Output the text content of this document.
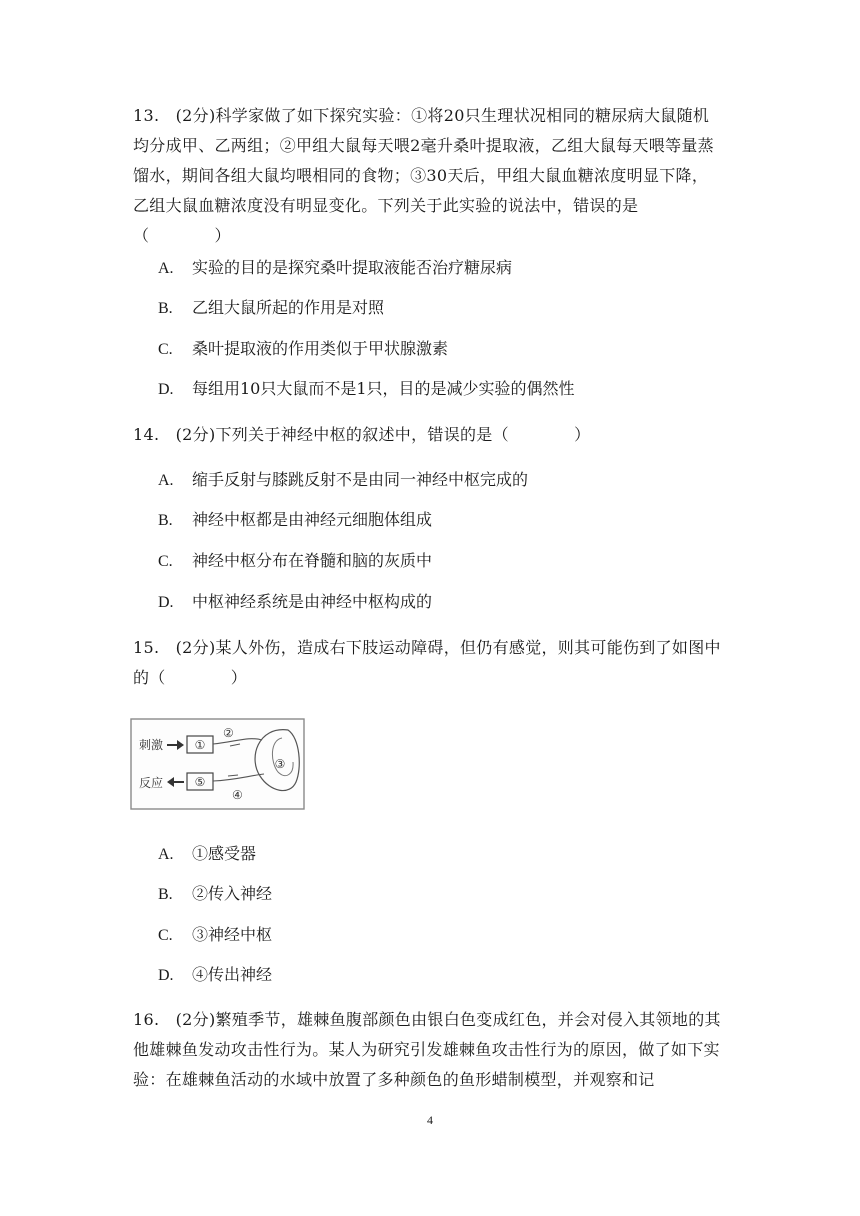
13.　(2分)科学家做了如下探究实验：①将20只生理状况相同的糖尿病大鼠随机均分成甲、乙两组；②甲组大鼠每天喂2毫升桑叶提取液，乙组大鼠每天喂等量蒸馏水，期间各组大鼠均喂相同的食物；③30天后，甲组大鼠血糖浓度明显下降，乙组大鼠血糖浓度没有明显变化。下列关于此实验的说法中，错误的是（　　　　）
A. 实验的目的是探究桑叶提取液能否治疗糖尿病
B. 乙组大鼠所起的作用是对照
C. 桑叶提取液的作用类似于甲状腺激素
D. 每组用10只大鼠而不是1只，目的是减少实验的偶然性
14.　(2分)下列关于神经中枢的叙述中，错误的是（　　　　）
A. 缩手反射与膝跳反射不是由同一神经中枢完成的
B. 神经中枢都是由神经元细胞体组成
C. 神经中枢分布在脊髓和脑的灰质中
D. 中枢神经系统是由神经中枢构成的
15.　(2分)某人外伤，造成右下肢运动障碍，但仍有感觉，则其可能伤到了如图中的（　　　　）
刺激
反应
①
⑤
②
④
③
A. ①感受器
B. ②传入神经
C. ③神经中枢
D. ④传出神经
16.　(2分)繁殖季节，雄棘鱼腹部颜色由银白色变成红色，并会对侵入其领地的其他雄棘鱼发动攻击性行为。某人为研究引发雄棘鱼攻击性行为的原因，做了如下实验：在雄棘鱼活动的水域中放置了多种颜色的鱼形蜡制模型，并观察和记
4
